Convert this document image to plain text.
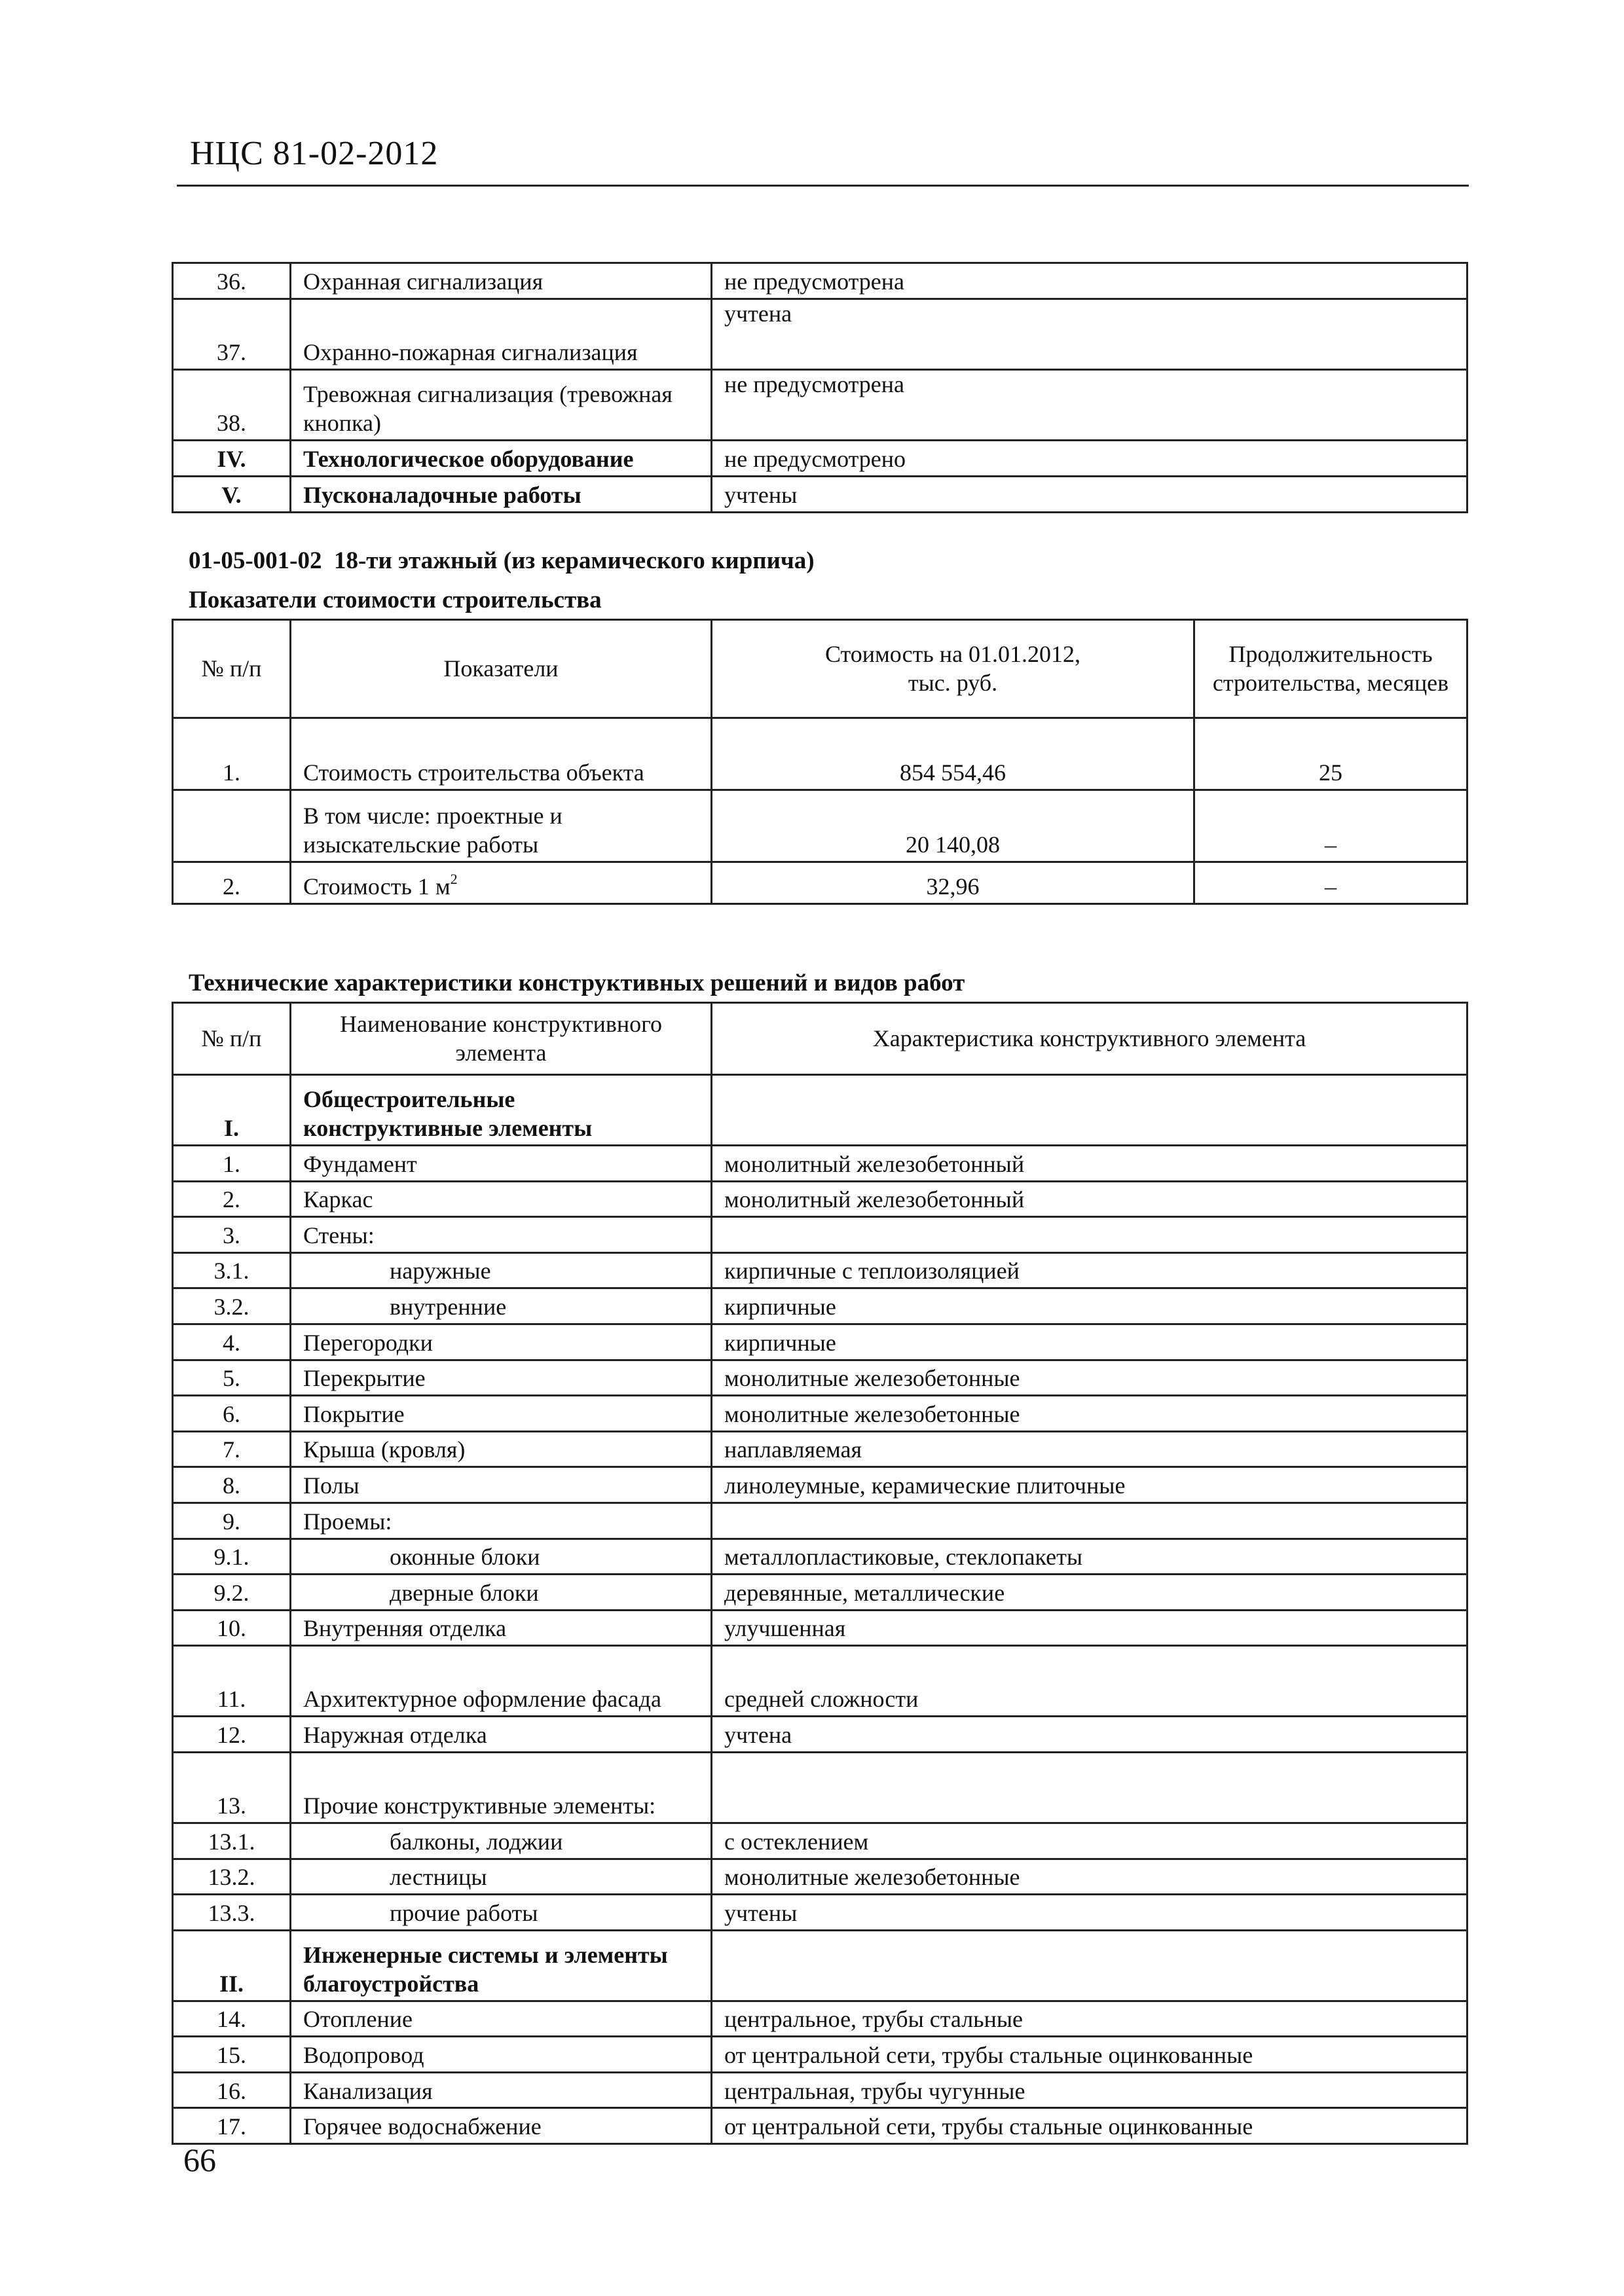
НЦС 81-02-2012
36.	Охранная сигнализация	не предусмотрена
37.	Охранно-пожарная сигнализация	учтена
38.	Тревожная сигнализация (тревожная кнопка)	не предусмотрена
IV.	Технологическое оборудование	не предусмотрено
V.	Пусконаладочные работы	учтены
01-05-001-02 18-ти этажный (из керамического кирпича)
Показатели стоимости строительства
№ п/п	Показатели	Стоимость на 01.01.2012, тыс. руб.	Продолжительность строительства, месяцев
1.	Стоимость строительства объекта	854 554,46	25
	В том числе: проектные и изыскательские работы	20 140,08	–
2.	Стоимость 1 $м^2$	32,96	–
Технические характеристики конструктивных решений и видов работ
№ п/п	Наименование конструктивного элемента	Характеристика конструктивного элемента
I.	Общестроительные конструктивные элементы	
1.	Фундамент	монолитный железобетонный
2.	Каркас	монолитный железобетонный
3.	Стены:	
3.1.	наружные	кирпичные с теплоизоляцией
3.2.	внутренние	кирпичные
4.	Перегородки	кирпичные
5.	Перекрытие	монолитные железобетонные
6.	Покрытие	монолитные железобетонные
7.	Крыша (кровля)	наплавляемая
8.	Полы	линолеумные, керамические плиточные
9.	Проемы:	
9.1.	оконные блоки	металлопластиковые, стеклопакеты
9.2.	дверные блоки	деревянные, металлические
10.	Внутренняя отделка	улучшенная
11.	Архитектурное оформление фасада	средней сложности
12.	Наружная отделка	учтена
13.	Прочие конструктивные элементы:	
13.1.	балконы, лоджии	с остеклением
13.2.	лестницы	монолитные железобетонные
13.3.	прочие работы	учтены
II.	Инженерные системы и элементы благоустройства	
14.	Отопление	центральное, трубы стальные
15.	Водопровод	от центральной сети, трубы стальные оцинкованные
16.	Канализация	центральная, трубы чугунные
17.	Горячее водоснабжение	от центральной сети, трубы стальные оцинкованные
66
